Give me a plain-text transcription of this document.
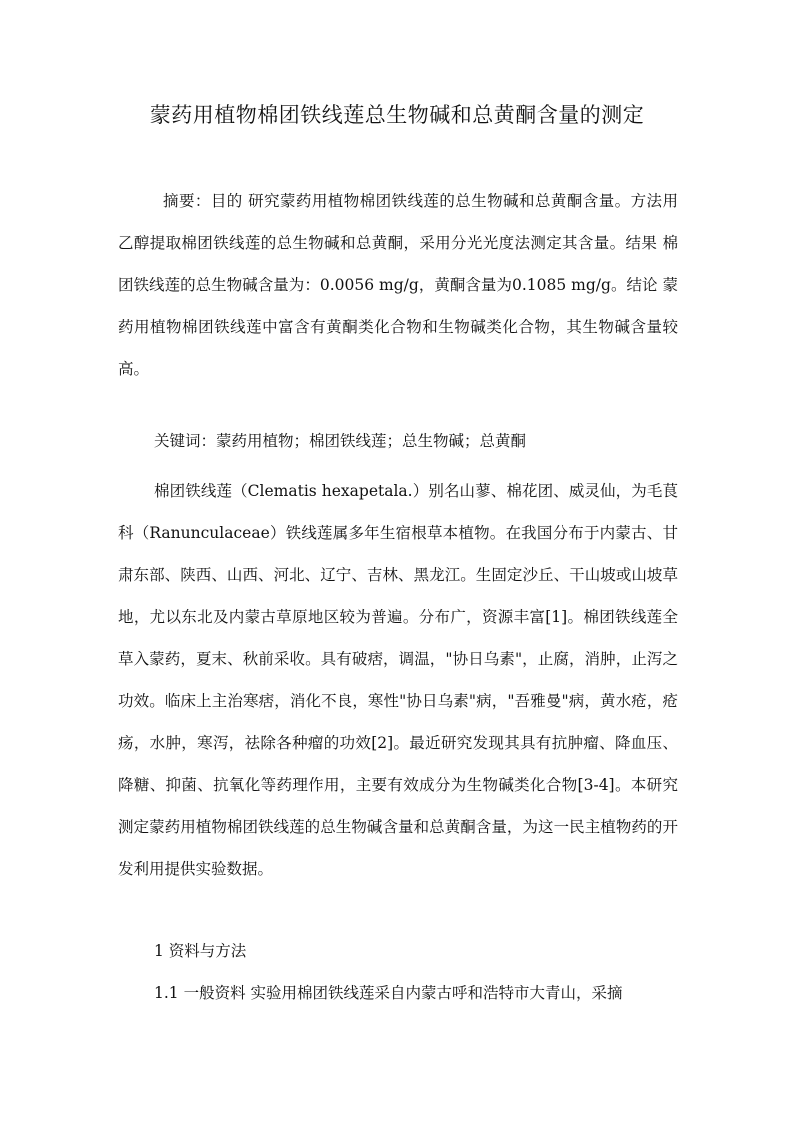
蒙药用植物棉团铁线莲总生物碱和总黄酮含量的测定
摘要：目的 研究蒙药用植物棉团铁线莲的总生物碱和总黄酮含量。方法用乙醇提取棉团铁线莲的总生物碱和总黄酮，采用分光光度法测定其含量。结果 棉团铁线莲的总生物碱含量为：0.0056 mg/g，黄酮含量为0.1085 mg/g。结论 蒙药用植物棉团铁线莲中富含有黄酮类化合物和生物碱类化合物，其生物碱含量较高。
关键词：蒙药用植物；棉团铁线莲；总生物碱；总黄酮
棉团铁线莲（Clematis hexapetala.）别名山蓼、棉花团、威灵仙，为毛茛科（Ranunculaceae）铁线莲属多年生宿根草本植物。在我国分布于内蒙古、甘肃东部、陕西、山西、河北、辽宁、吉林、黑龙江。生固定沙丘、干山坡或山坡草地，尤以东北及内蒙古草原地区较为普遍。分布广，资源丰富[1]。棉团铁线莲全草入蒙药，夏末、秋前采收。具有破痞，调温，"协日乌素"，止腐，消肿，止泻之功效。临床上主治寒痞，消化不良，寒性"协日乌素"病，"吾雅曼"病，黄水疮，疮疡，水肿，寒泻，祛除各种瘤的功效[2]。最近研究发现其具有抗肿瘤、降血压、降糖、抑菌、抗氧化等药理作用，主要有效成分为生物碱类化合物[3-4]。本研究测定蒙药用植物棉团铁线莲的总生物碱含量和总黄酮含量，为这一民主植物药的开发利用提供实验数据。
1 资料与方法
1.1 一般资料 实验用棉团铁线莲采自内蒙古呼和浩特市大青山，采摘
